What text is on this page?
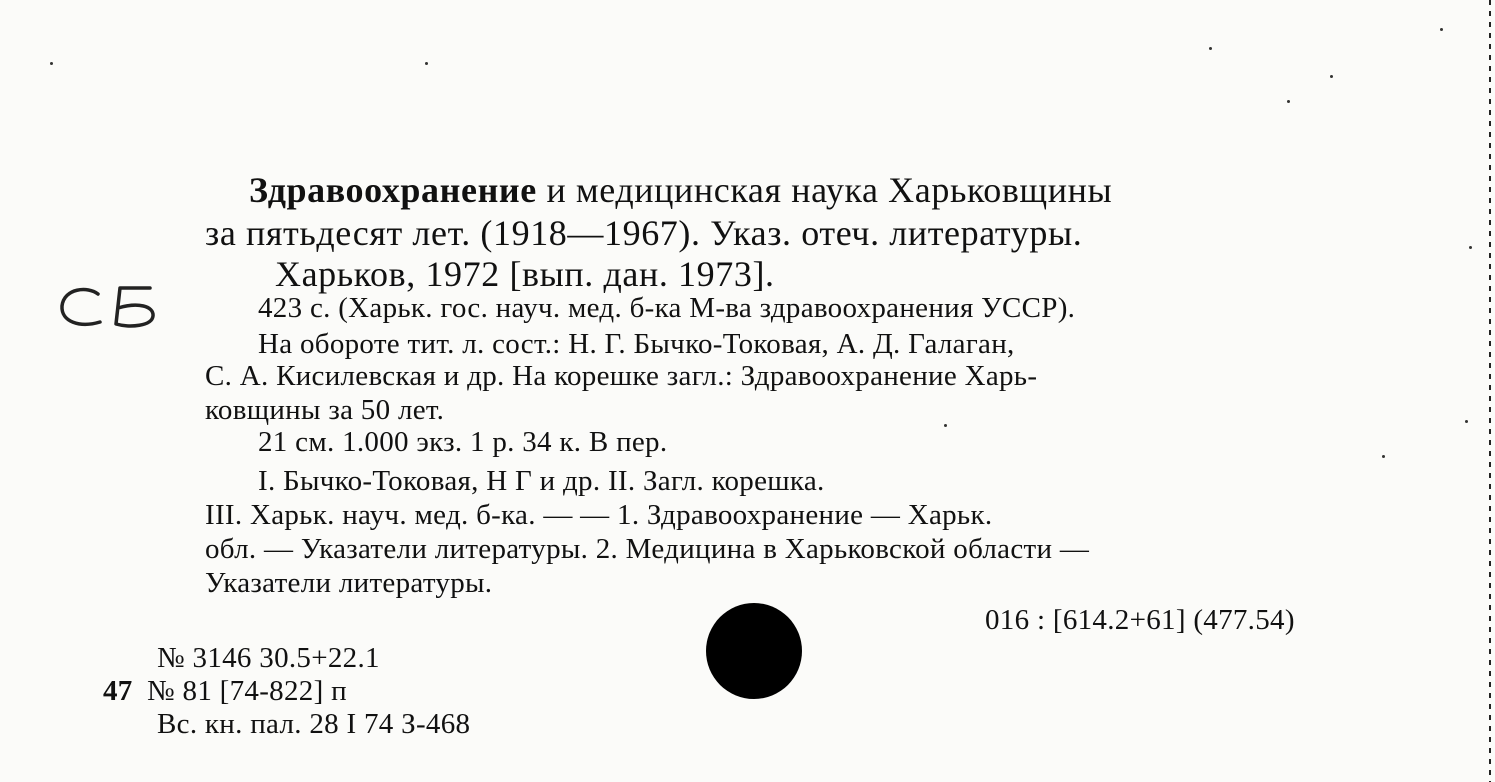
Здравоохранение и медицинская наука Харьковщины
за пятьдесят лет. (1918—1967). Указ. отеч. литературы.
Харьков, 1972 [вып. дан. 1973].
423 с. (Харьк. гос. науч. мед. б-ка М-ва здравоохранения УССР).
На обороте тит. л. сост.: Н. Г. Бычко-Токовая, А. Д. Галаган,
С. А. Кисилевская и др. На корешке загл.: Здравоохранение Харь-
ковщины за 50 лет.
21 см. 1.000 экз. 1 р. 34 к. В пер.
I. Бычко-Токовая, Н Г и др. II. Загл. корешка.
III. Харьк. науч. мед. б-ка. — — 1. Здравоохранение — Харьк.
обл. — Указатели литературы. 2. Медицина в Харьковской области —
Указатели литературы.
016 : [614.2+61] (477.54)
№ 3146 30.5+22.1
47 № 81 [74-822] п
Вс. кн. пал. 28 I 74 З-468
